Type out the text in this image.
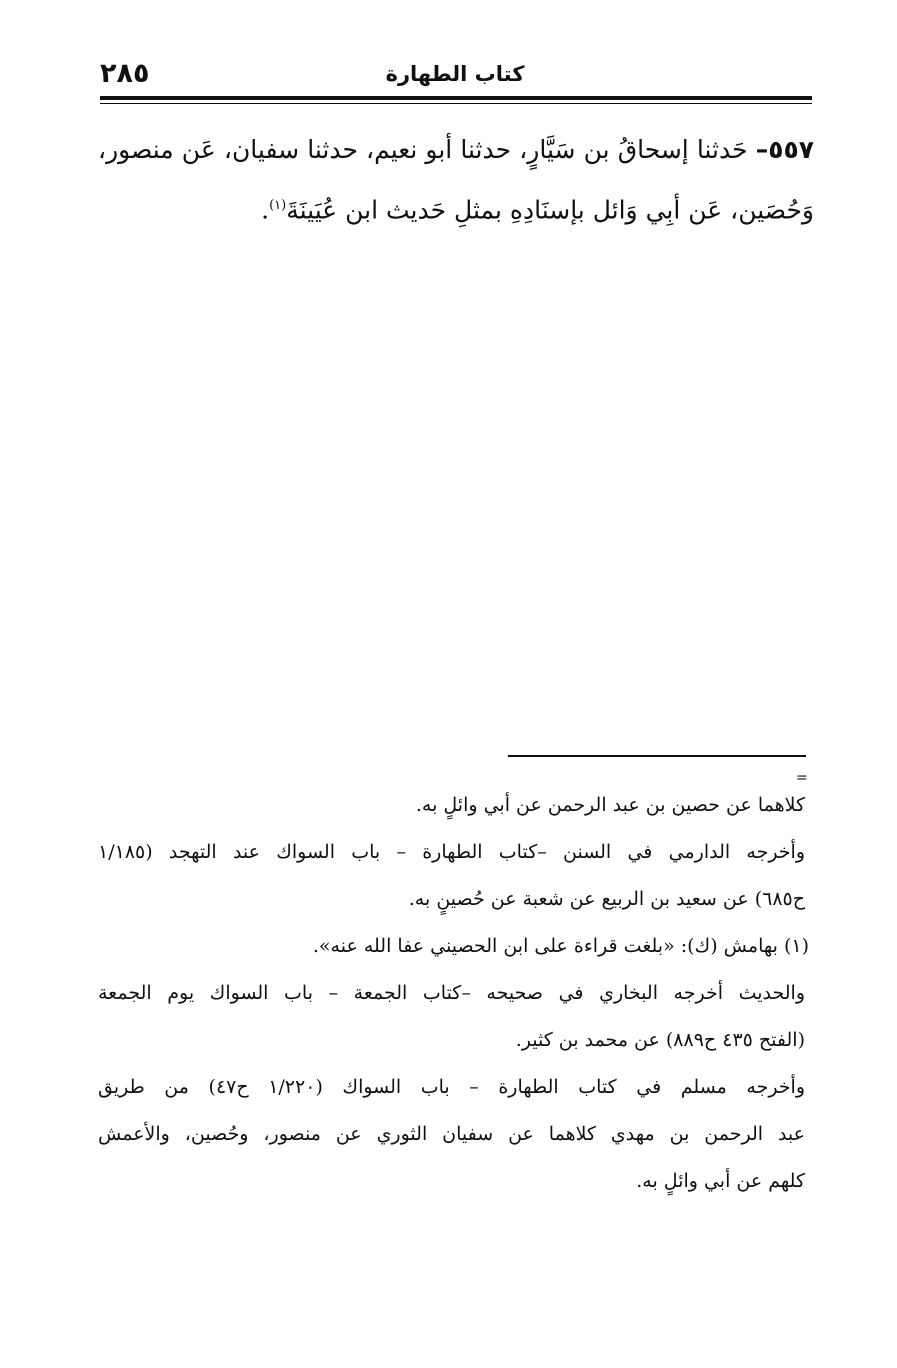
٢٨٥	كتاب الطهارة
٥٥٧– حَدثنا إسحاقُ بن سَيَّارٍ، حدثنا أبو نعيم، حدثنا سفيان، عَن منصور، وَحُصَين، عَن أبِي وَائل بإسنَادِهِ بمثلِ حَديث ابن عُيَينَةَ$^{(١)}$.
=
كلاهما عن حصين بن عبد الرحمن عن أبي وائلٍ به.
وأخرجه الدارمي في السنن –كتاب الطهارة – باب السواك عند التهجد (١/١٨٥
ح٦٨٥) عن سعيد بن الربيع عن شعبة عن حُصينٍ به.
(١) بهامش (ك): «بلغت قراءة على ابن الحصيني عفا الله عنه».
والحديث أخرجه البخاري في صحيحه –كتاب الجمعة – باب السواك يوم الجمعة
(الفتح ٤٣٥ ح٨٨٩) عن محمد بن كثير.
وأخرجه مسلم في كتاب الطهارة – باب السواك (١/٢٢٠ ح٤٧) من طريق
عبد الرحمن بن مهدي كلاهما عن سفيان الثوري عن منصور، وحُصين، والأعمش
كلهم عن أبي وائلٍ به.
